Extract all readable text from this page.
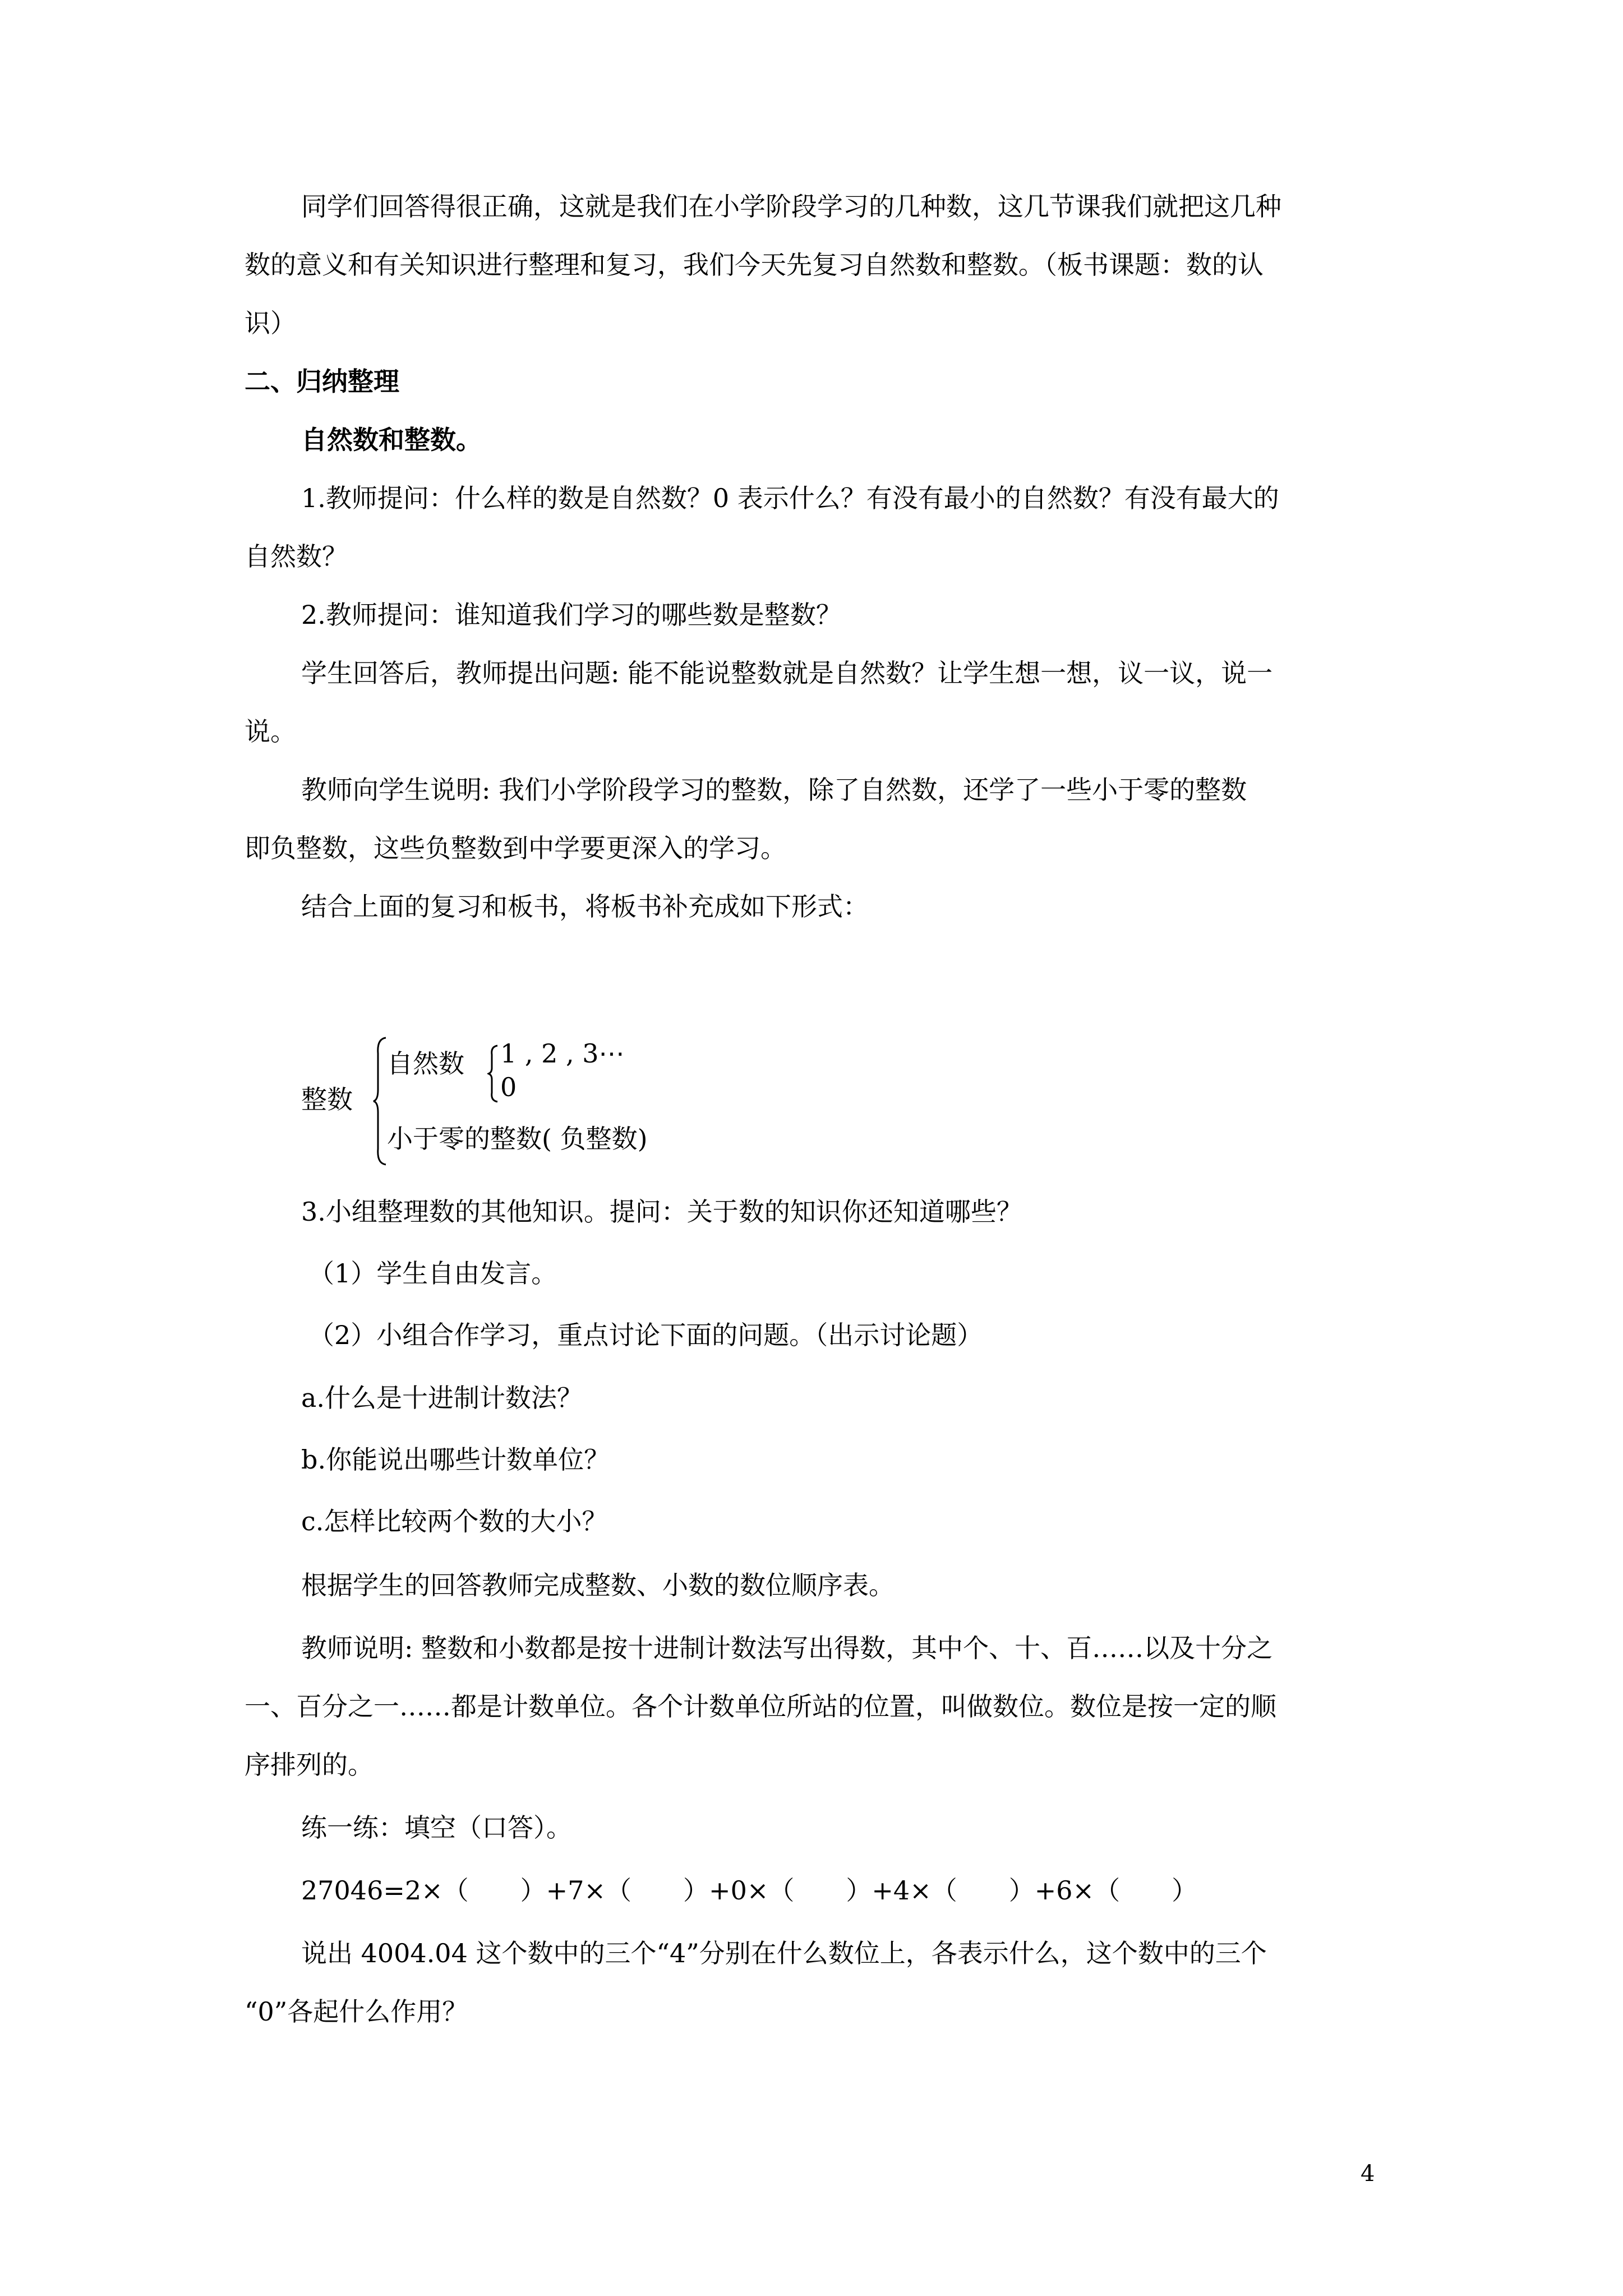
同学们回答得很正确，这就是我们在小学阶段学习的几种数，这几节课我们就把这几种
数的意义和有关知识进行整理和复习，我们今天先复习自然数和整数。（板书课题：数的认
识）
二、归纳整理
自然数和整数。
1.教师提问：什么样的数是自然数？0 表示什么？有没有最小的自然数？有没有最大的
自然数？
2.教师提问：谁知道我们学习的哪些数是整数？
学生回答后，教师提出问题: 能不能说整数就是自然数？让学生想一想，议一议，说一
说。
教师向学生说明: 我们小学阶段学习的整数，除了自然数，还学了一些小于零的整数
即负整数，这些负整数到中学要更深入的学习。
结合上面的复习和板书，将板书补充成如下形式：
整数
自然数 1 , 2 , 3⋯
0
小于零的整数( 负整数)
3.小组整理数的其他知识。提问：关于数的知识你还知道哪些？
（1）学生自由发言。
（2）小组合作学习，重点讨论下面的问题。（出示讨论题）
a.什么是十进制计数法？
b.你能说出哪些计数单位？
c.怎样比较两个数的大小？
根据学生的回答教师完成整数、小数的数位顺序表。
教师说明: 整数和小数都是按十进制计数法写出得数，其中个、十、百……以及十分之
一、百分之一……都是计数单位。各个计数单位所站的位置，叫做数位。数位是按一定的顺
序排列的。
练一练：填空（口答）。
27046=2×（　　）+7×（　　）+0×（　　）+4×（　　）+6×（　　）
说出 4004.04 这个数中的三个“4”分别在什么数位上，各表示什么，这个数中的三个
“0”各起什么作用？
4
